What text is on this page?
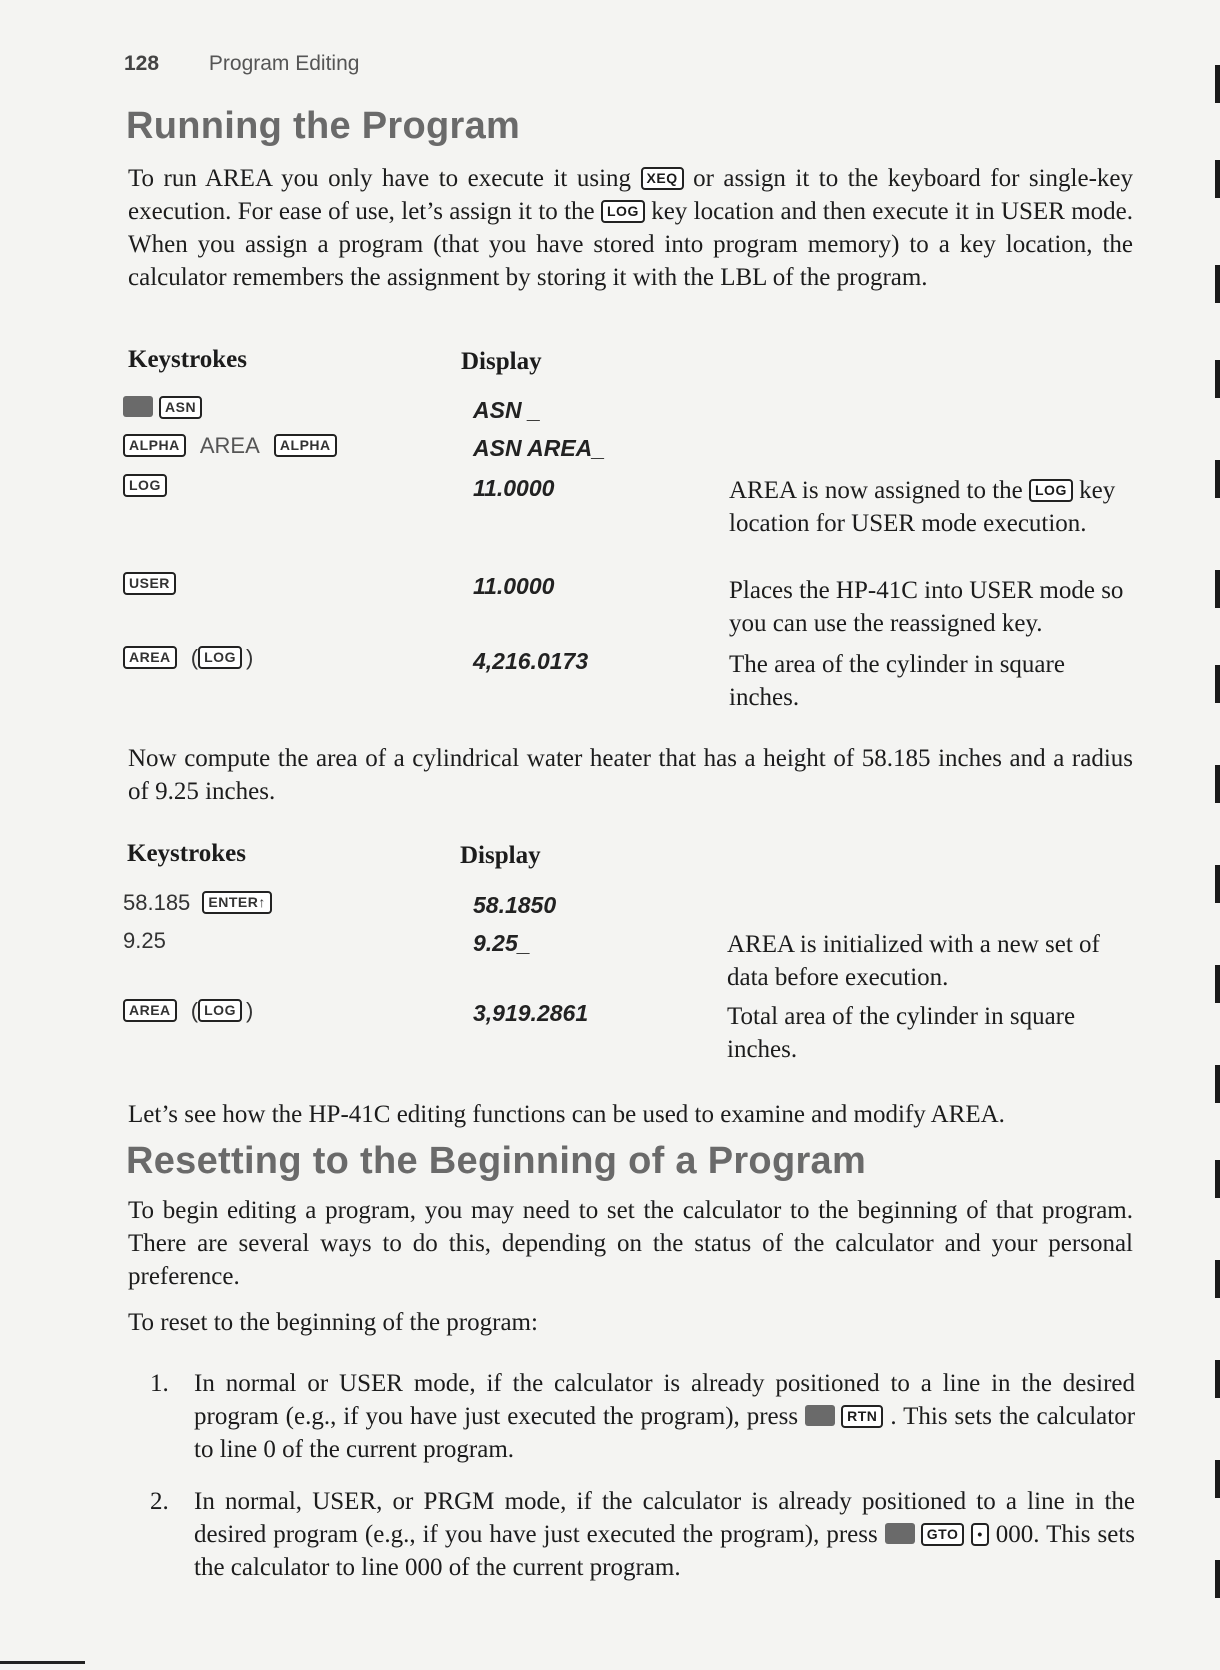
128 Program Editing
Running the Program

To run AREA you only have to execute it using XEQ or assign it to the keyboard for single-key execution. For ease of use, let’s assign it to the LOG key location and then execute it in USER mode. When you assign a program (that you have stored into program memory) to a key location, the calculator remembers the assignment by storing it with the LBL of the program.

Keystrokes	Display
ASN	ASN _
ALPHA AREA ALPHA	ASN AREA_
LOG	11.0000	AREA is now assigned to the LOG key location for USER mode execution.

USER	11.0000	Places the HP-41C into USER mode so you can use the reassigned key.

AREA ( LOG )	4,216.0173	The area of the cylinder in square inches.

Now compute the area of a cylindrical water heater that has a height of 58.185 inches and a radius of 9.25 inches.

Keystrokes	Display
58.185 ENTER↑	58.1850
9.25	9.25_	AREA is initialized with a new set of data before execution.

AREA ( LOG )	3,919.2861	Total area of the cylinder in square inches.

Let’s see how the HP-41C editing functions can be used to examine and modify AREA.

Resetting to the Beginning of a Program

To begin editing a program, you may need to set the calculator to the beginning of that program. There are several ways to do this, depending on the status of the calculator and your personal preference.

To reset to the beginning of the program:

1. In normal or USER mode, if the calculator is already positioned to a line in the desired program (e.g., if you have just executed the program), press	RTN . This sets the calculator to line 0 of the current program.
2. In normal, USER, or PRGM mode, if the calculator is already positioned to a line in the desired program (e.g., if you have just executed the program), press	GTO • 000. This sets the calculator to line 000 of the current program.
